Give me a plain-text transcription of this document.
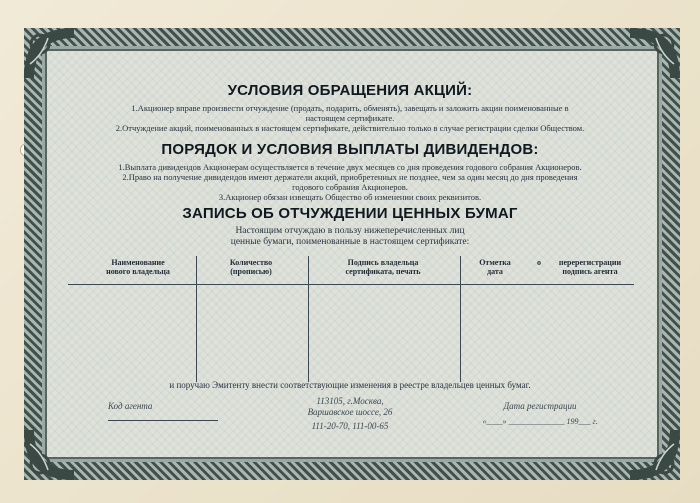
УСЛОВИЯ ОБРАЩЕНИЯ АКЦИЙ:
1.Акционер вправе произвести отчуждение (продать, подарить, обменять), завещать и заложить акции поименованные в
настоящем сертификате.
2.Отчуждение акций, поименованных в настоящем сертификате, действительно только в случае регистрации сделки Обществом.
ПОРЯДОК И УСЛОВИЯ ВЫПЛАТЫ ДИВИДЕНДОВ:
1.Выплата дивидендов Акционерам осуществляется в течение двух месяцев со дня проведения годового собрания Акционеров.
2.Право на получение дивидендов имеют держатели акций, приобретенных не позднее, чем за один месяц до дня проведения
годового собрания Акционеров.
3.Акционер обязан извещать Общество об изменении своих реквизитов.
ЗАПИСЬ ОБ ОТЧУЖДЕНИИ ЦЕННЫХ БУМАГ
Настоящим отчуждаю в пользу нижеперечисленных лиц
ценные бумаги, поименованные в настоящем сертификате:
Наименование
нового владельца
Количество
(прописью)
Подпись владельца
сертификата, печать
Отметка
дата
о	перерегистрации
подпись агента
и поручаю Эмитенту внести соответствующие изменения в реестре владельцев ценных бумаг.
Код агента	113105, г.Москва,
Варшавское шоссе, 26
111-20-70, 111-00-65
Дата регистрации
«____» ______________ 199___ г.
